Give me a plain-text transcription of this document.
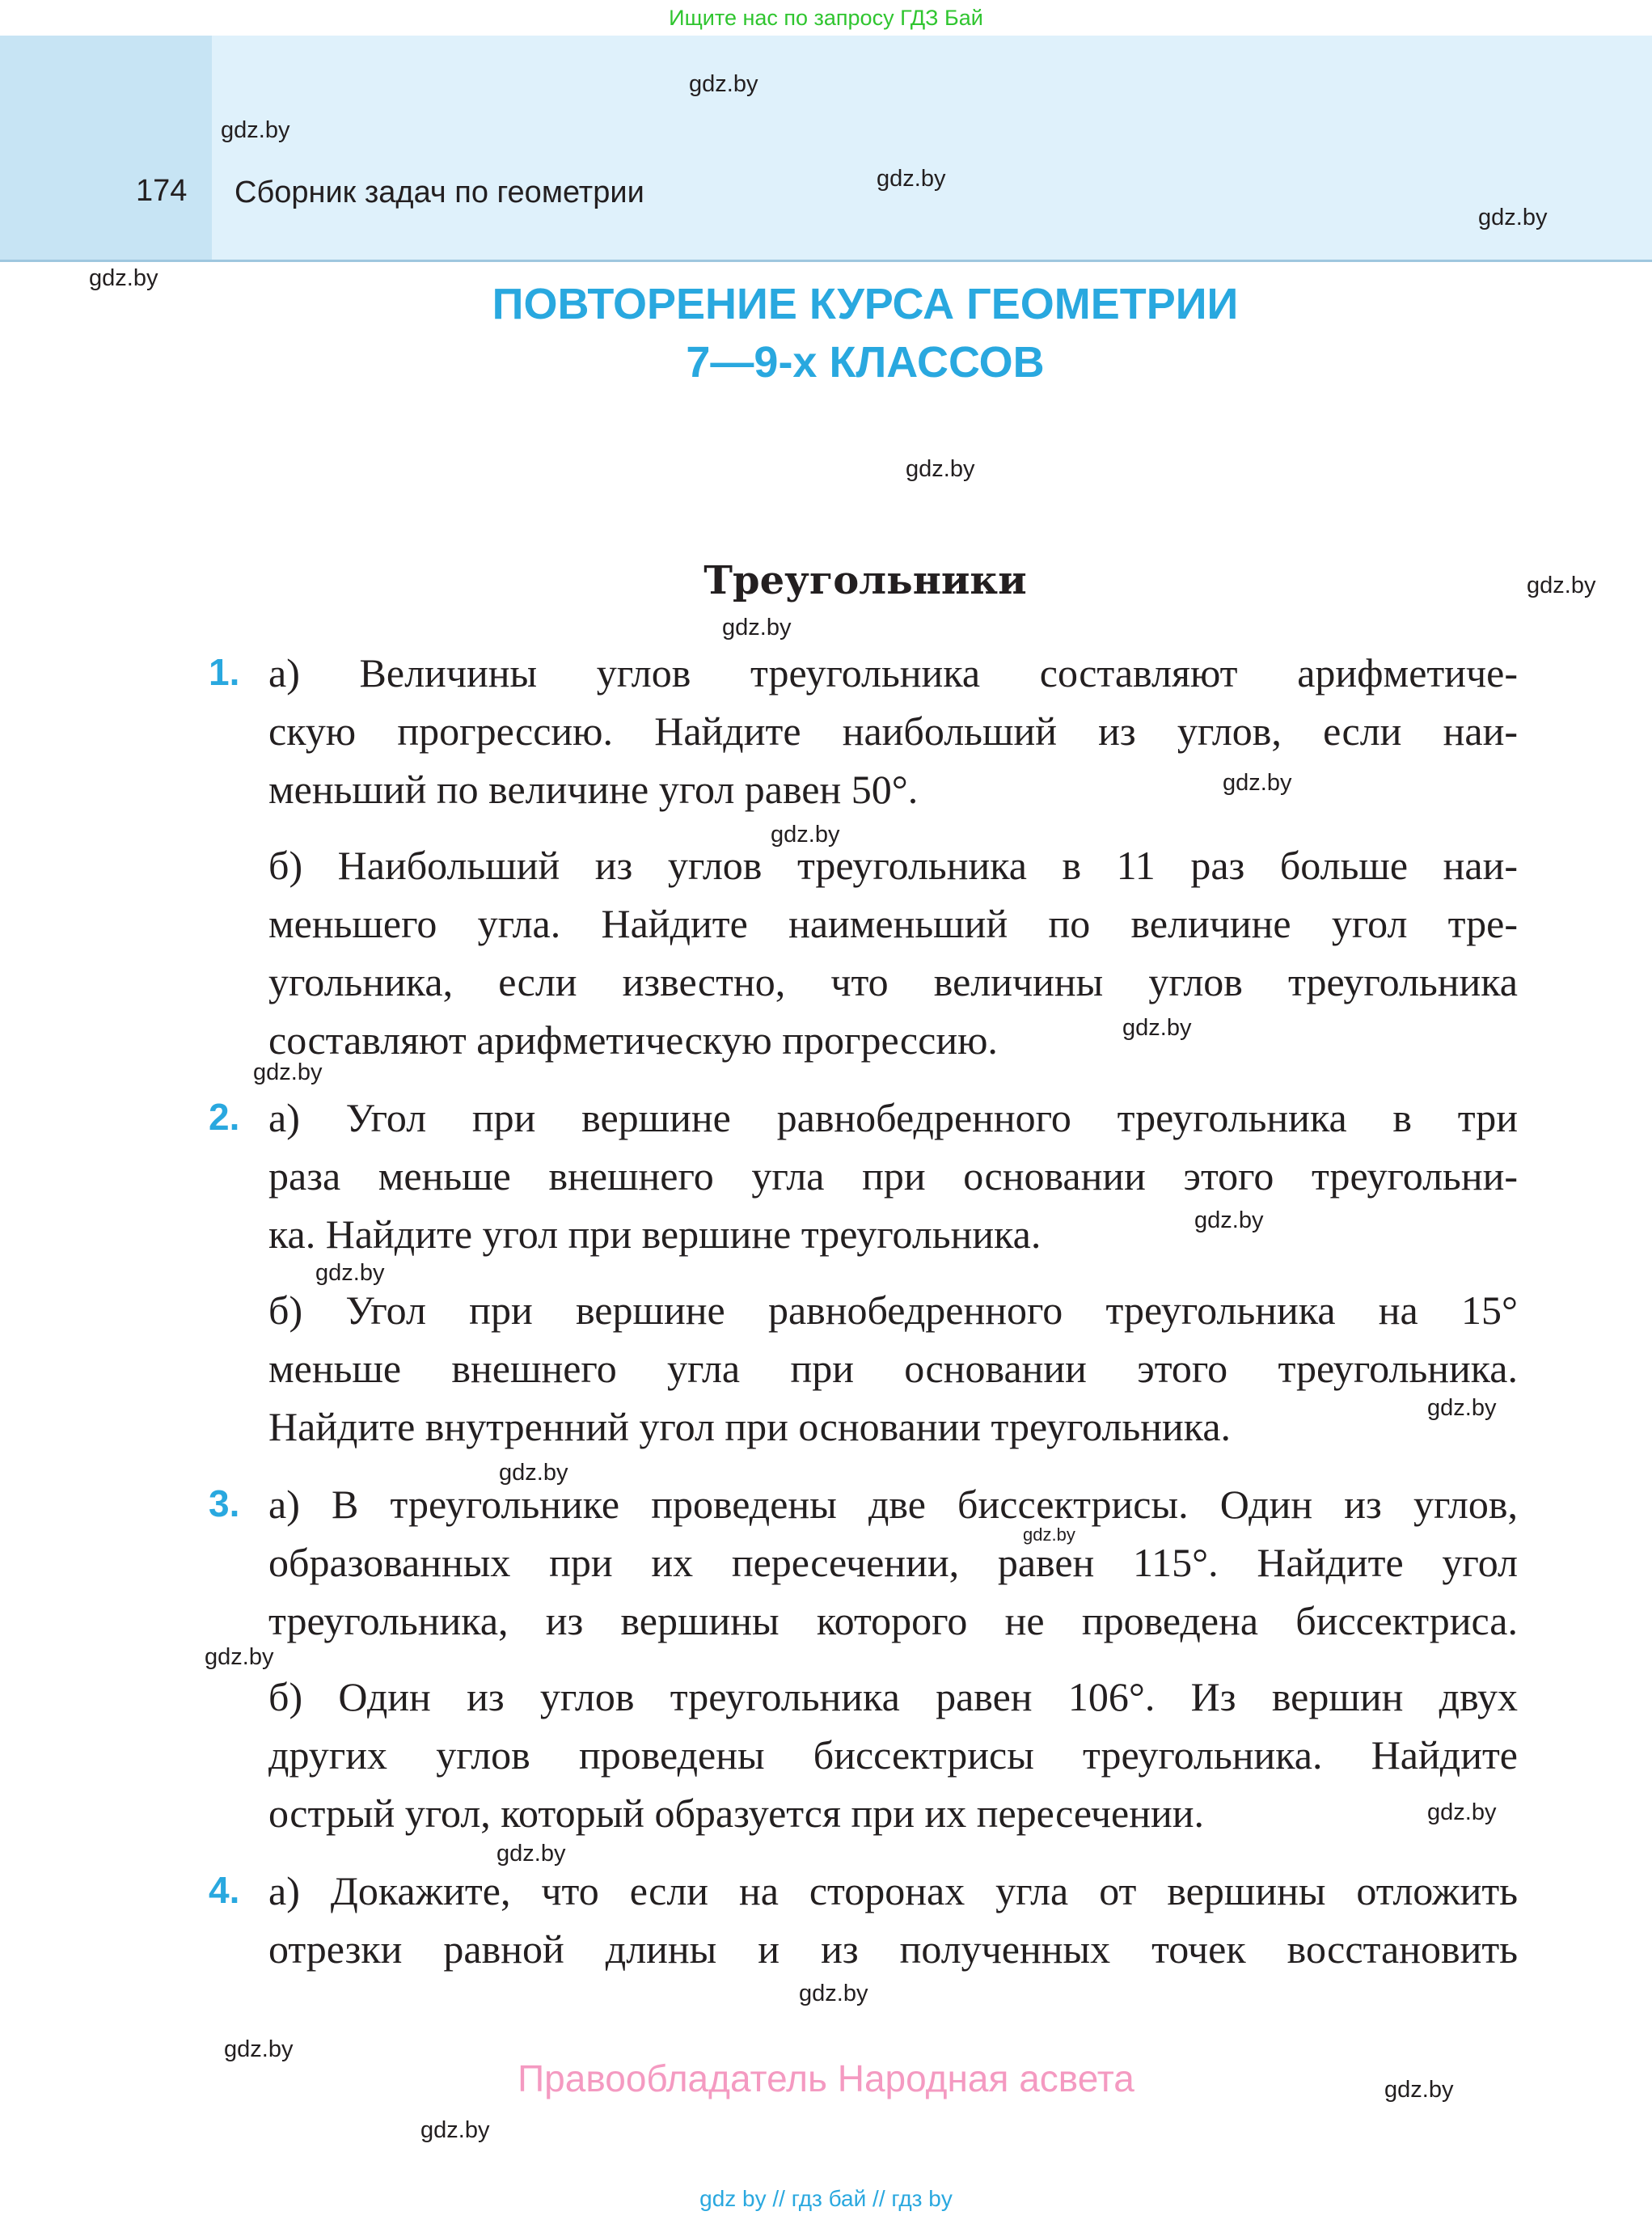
Ищите нас по запросу ГДЗ Бай
174 Сборник задач по геометрии
ПОВТОРЕНИЕ КУРСА ГЕОМЕТРИИ
7—9-х КЛАССОВ
Треугольники
1. а) Величины углов треугольника составляют арифметиче-
скую прогрессию. Найдите наибольший из углов, если наи-
меньший по величине угол равен 50°.
б) Наибольший из углов треугольника в 11 раз больше наи-
меньшего угла. Найдите наименьший по величине угол тре-
угольника, если известно, что величины углов треугольника
составляют арифметическую прогрессию.
2. а) Угол при вершине равнобедренного треугольника в три
раза меньше внешнего угла при основании этого треугольни-
ка. Найдите угол при вершине треугольника.
б) Угол при вершине равнобедренного треугольника на 15°
меньше внешнего угла при основании этого треугольника.
Найдите внутренний угол при основании треугольника.
3. а) В треугольнике проведены две биссектрисы. Один из углов,
образованных при их пересечении, равен 115°. Найдите угол
треугольника, из вершины которого не проведена биссектриса.
б) Один из углов треугольника равен 106°. Из вершин двух
других углов проведены биссектрисы треугольника. Найдите
острый угол, который образуется при их пересечении.
4. а) Докажите, что если на сторонах угла от вершины отложить
отрезки равной длины и из полученных точек восстановить
gdz.by
gdz.by
gdz.by
gdz.by
gdz.by
gdz.by
gdz.by
gdz.by
gdz.by
gdz.by
gdz.by
gdz.by
gdz.by
gdz.by
gdz.by
gdz.by
gdz.by
gdz.by
gdz.by
gdz.by
gdz.by
gdz.by
gdz.by
gdz.by
Правообладатель Народная асвета
gdz by // гдз бай // гдз by
